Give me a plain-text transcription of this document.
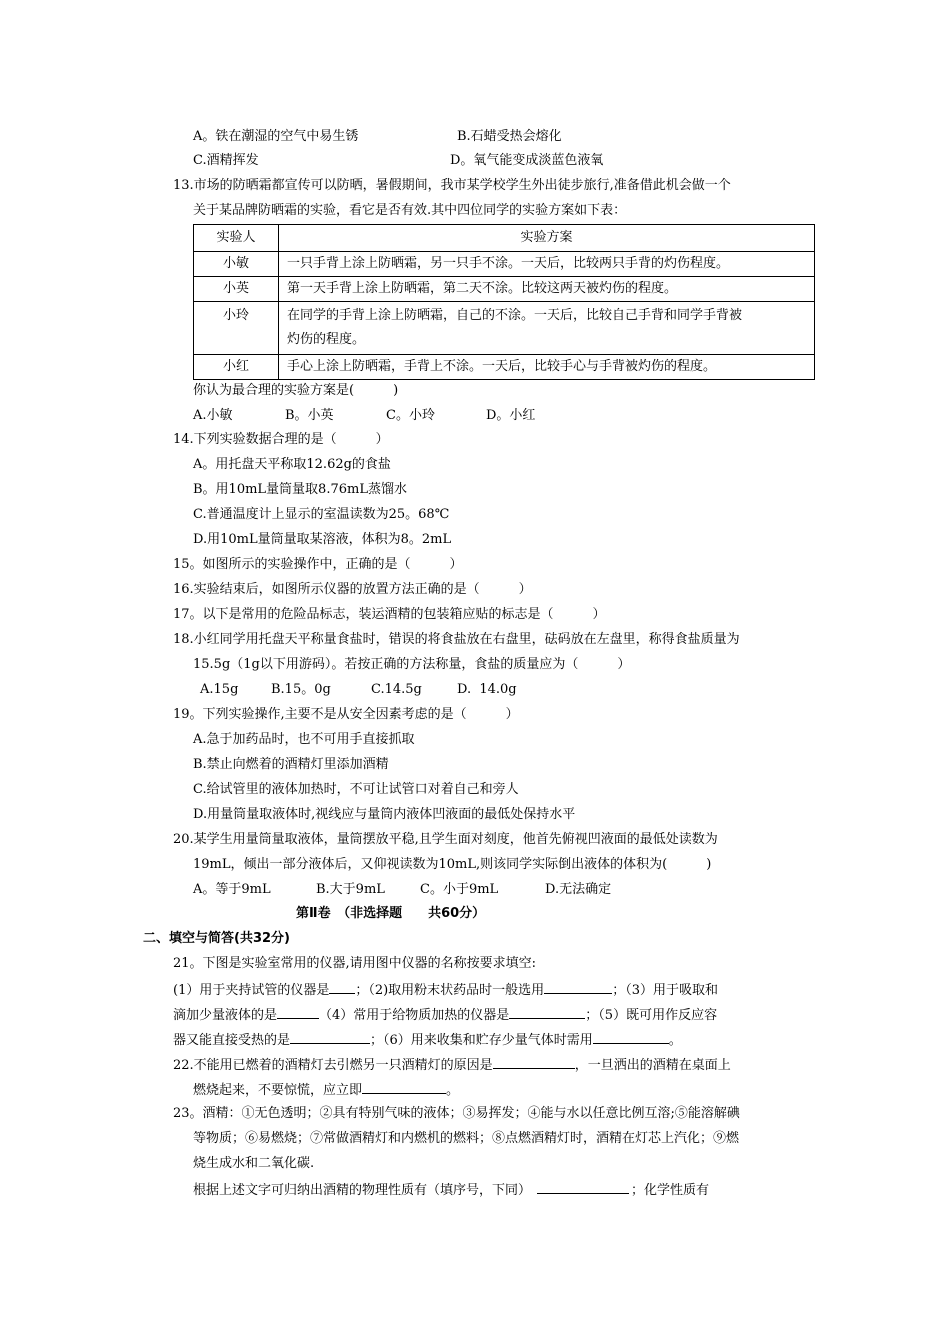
A。铁在潮湿的空气中易生锈	B.石蜡受热会熔化
C.酒精挥发	D。氧气能变成淡蓝色液氧
13.市场的防晒霜都宣传可以防晒，暑假期间，我市某学校学生外出徒步旅行,准备借此机会做一个
关于某品牌防晒霜的实验，看它是否有效.其中四位同学的实验方案如下表：
实验人	实验方案
小敏	一只手背上涂上防晒霜，另一只手不涂。一天后，比较两只手背的灼伤程度。
小英	第一天手背上涂上防晒霜，第二天不涂。比较这两天被灼伤的程度。
小玲	在同学的手背上涂上防晒霜，自己的不涂。一天后，比较自己手背和同学手背被
灼伤的程度。

小红	手心上涂上防晒霜，手背上不涂。一天后，比较手心与手背被灼伤的程度。
你认为最合理的实验方案是(　　　)
A.小敏	B。小英	C。小玲	D。小红
14.下列实验数据合理的是（　　　）
A。用托盘天平称取12.62g的食盐
B。用10mL量筒量取8.76mL蒸馏水
C.普通温度计上显示的室温读数为25。68℃
D.用10mL量筒量取某溶液，体积为8。2mL
15。如图所示的实验操作中，正确的是（　　　）
16.实验结束后，如图所示仪器的放置方法正确的是（　　　）
17。以下是常用的危险品标志，装运酒精的包装箱应贴的标志是（　　　）
18.小红同学用托盘天平称量食盐时，错误的将食盐放在右盘里，砝码放在左盘里，称得食盐质量为
15.5g（1g以下用游码）。若按正确的方法称量，食盐的质量应为（　　　）
A.15g	B.15。0g	C.14.5g	D.  14.0g
19。下列实验操作,主要不是从安全因素考虑的是（　　　）
A.急于加药品时，也不可用手直接抓取
B.禁止向燃着的酒精灯里添加酒精
C.给试管里的液体加热时，不可让试管口对着自己和旁人
D.用量筒量取液体时,视线应与量筒内液体凹液面的最低处保持水平
20.某学生用量筒量取液体，量筒摆放平稳,且学生面对刻度，他首先俯视凹液面的最低处读数为
19mL，倾出一部分液体后，又仰视读数为10mL,则该同学实际倒出液体的体积为(　　　)
A。等于9mL	B.大于9mL	C。小于9mL	D.无法确定
第Ⅱ卷　（非选择题　　共60分）
二、填空与简答(共32分)
21。下图是实验室常用的仪器,请用图中仪器的名称按要求填空:
(1）用于夹持试管的仪器是 ；（2)取用粉末状药品时一般选用	；（3）用于吸取和
滴加少量液体的是	（4）常用于给物质加热的仪器是	；（5）既可用作反应容
器又能直接受热的是	；（6）用来收集和贮存少量气体时需用	。
22.不能用已燃着的酒精灯去引燃另一只酒精灯的原因是	，一旦洒出的酒精在桌面上
燃烧起来，不要惊慌，应立即	。
23。酒精：①无色透明；②具有特别气味的液体；③易挥发；④能与水以任意比例互溶;⑤能溶解碘
等物质；⑥易燃烧；⑦常做酒精灯和内燃机的燃料；⑧点燃酒精灯时，酒精在灯芯上汽化；⑨燃
烧生成水和二氧化碳.
根据上述文字可归纳出酒精的物理性质有（填序号，下同）	；化学性质有
